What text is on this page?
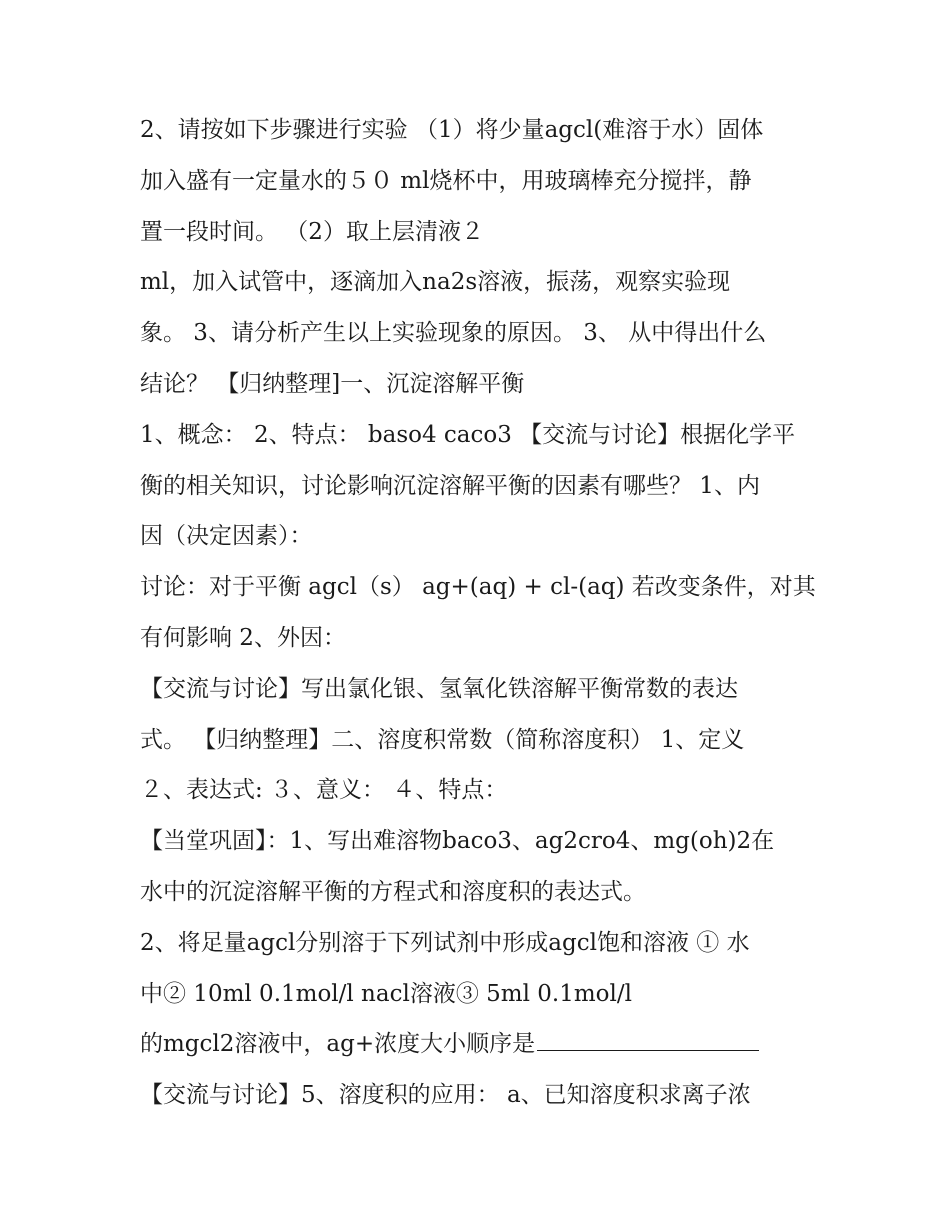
2、请按如下步骤进行实验 （1）将少量agcl(难溶于水）固体
加入盛有一定量水的５０ ml烧杯中，用玻璃棒充分搅拌，静
置一段时间。 （2）取上层清液２
ml，加入试管中，逐滴加入na2s溶液，振荡，观察实验现
象。 3、请分析产生以上实验现象的原因。 3、 从中得出什么
结论？ 【归纳整理]一、沉淀溶解平衡
1、概念： 2、特点： baso4 caco3 【交流与讨论】根据化学平
衡的相关知识，讨论影响沉淀溶解平衡的因素有哪些？ 1、内
因（决定因素）：
讨论：对于平衡 agcl（s） ag+(aq) + cl-(aq) 若改变条件，对其
有何影响 2、外因：
【交流与讨论】写出氯化银、氢氧化铁溶解平衡常数的表达
式。 【归纳整理】二、溶度积常数（简称溶度积） 1、定义
２、表达式: ３、意义： ４、特点：
【当堂巩固】：1、写出难溶物baco3、ag2cro4、mg(oh)2在
水中的沉淀溶解平衡的方程式和溶度积的表达式。
2、将足量agcl分别溶于下列试剂中形成agcl饱和溶液 ① 水
中② 10ml 0.1mol/l nacl溶液③ 5ml 0.1mol/l
的mgcl2溶液中，ag+浓度大小顺序是
【交流与讨论】5、溶度积的应用： a、已知溶度积求离子浓
